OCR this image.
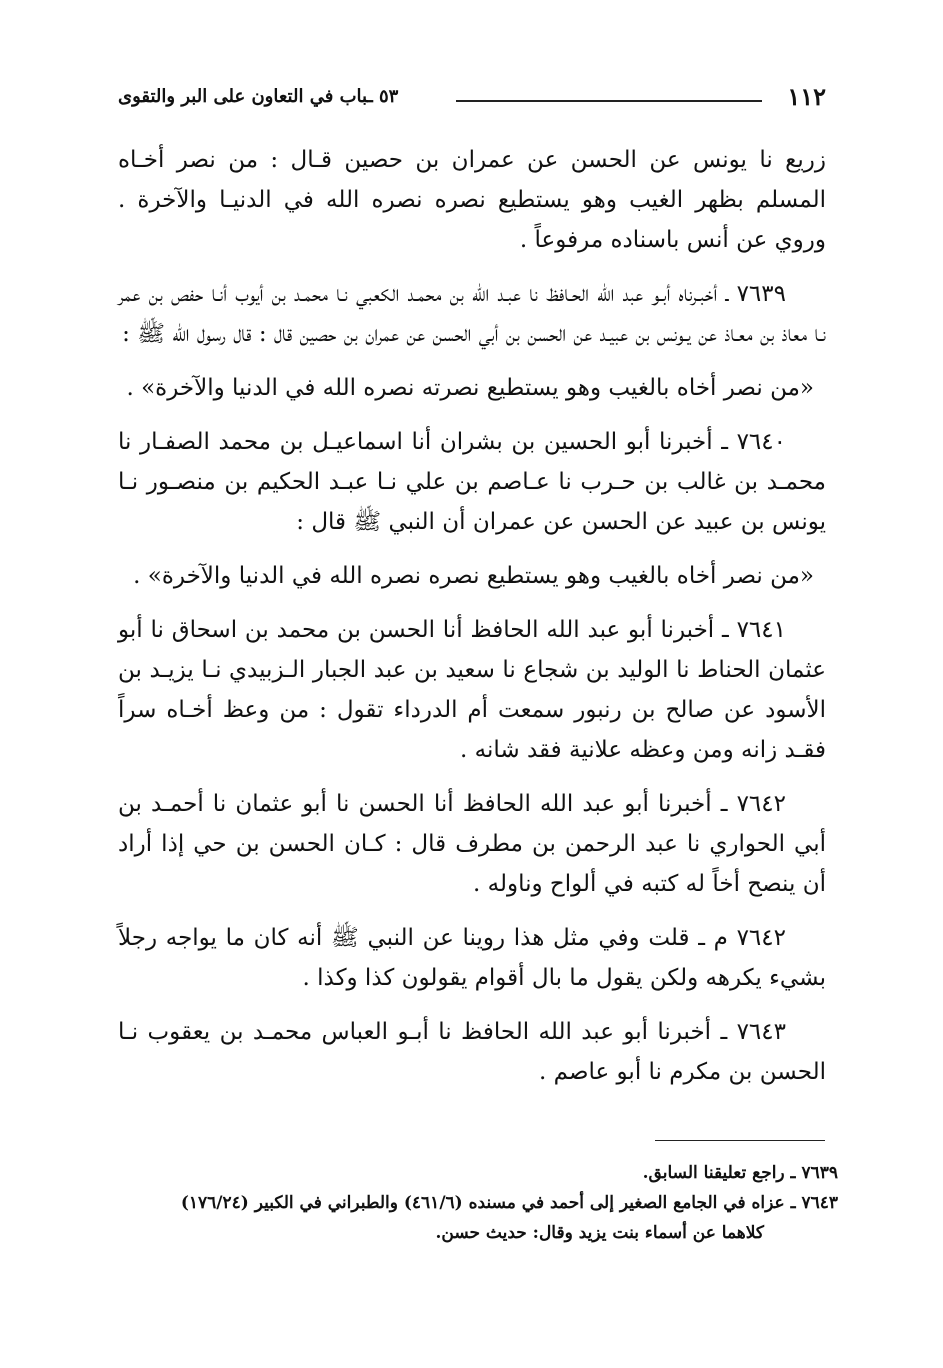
١١٢
٥٣ ـباب في التعاون على البر والتقوى

زريع نا يونس عن الحسن عن عمران بن حصين قـال : من نصر أخـاه المسلم بظهر الغيب وهو يستطيع نصره نصره الله في الدنيـا والآخرة . وروي عن أنس باسناده مرفوعاً .

٧٦٣٩ ـ أخبـرناه أبـو عبد الله الحـافظ نا عبـد الله بن محمـد الكعبي نـا محمـد بن أيوب أنـا حفص بن عمر نـا معاذ بن معـاذ عن يـونس بن عبيـد عن الحسن بن أبي الحسن عن عمران بن حصين قال : قال رسول الله ﷺ :

«من نصر أخاه بالغيب وهو يستطيع نصرته نصره الله في الدنيا والآخرة» .

٧٦٤٠ ـ أخبرنا أبو الحسين بن بشران أنا اسماعيـل بن محمد الصفـار نا محمـد بن غالب بن حـرب نا عـاصم بن علي نـا عبـد الحكيم بن منصـور نـا يونس بن عبيد عن الحسن عن عمران أن النبي ﷺ قال :

«من نصر أخاه بالغيب وهو يستطيع نصره نصره الله في الدنيا والآخرة» .

٧٦٤١ ـ أخبرنا أبو عبد الله الحافظ أنا الحسن بن محمد بن اسحاق نا أبو عثمان الحناط نا الوليد بن شجاع نا سعيد بن عبد الجبار الـزبيدي نـا يزيـد بن الأسود عن صالح بن رنبور سمعت أم الدرداء تقول : من وعظ أخـاه سراً فقـد زانه ومن وعظه علانية فقد شانه .

٧٦٤٢ ـ أخبرنا أبو عبد الله الحافظ أنا الحسن نا أبو عثمان نا أحمـد بن أبي الحواري نا عبد الرحمن بن مطرف قال : كـان الحسن بن حي إذا أراد أن ينصح أخاً له كتبه في ألواح وناوله .

٧٦٤٢ م ـ قلت وفي مثل هذا روينا عن النبي ﷺ أنه كان ما يواجه رجلاً بشيء يكرهه ولكن يقول ما بال أقوام يقولون كذا وكذا .

٧٦٤٣ ـ أخبرنا أبو عبد الله الحافظ نا أبـو العباس محمـد بن يعقوب نـا الحسن بن مكرم نا أبو عاصم .

٧٦٣٩ ـ راجع تعليقنا السابق.

٧٦٤٣ ـ عزاه في الجامع الصغير إلى أحمد في مسنده (٤٦١/٦) والطبراني في الكبير (١٧٦/٢٤)

كلاهما عن أسماء بنت يزيد وقال: حديث حسن.
